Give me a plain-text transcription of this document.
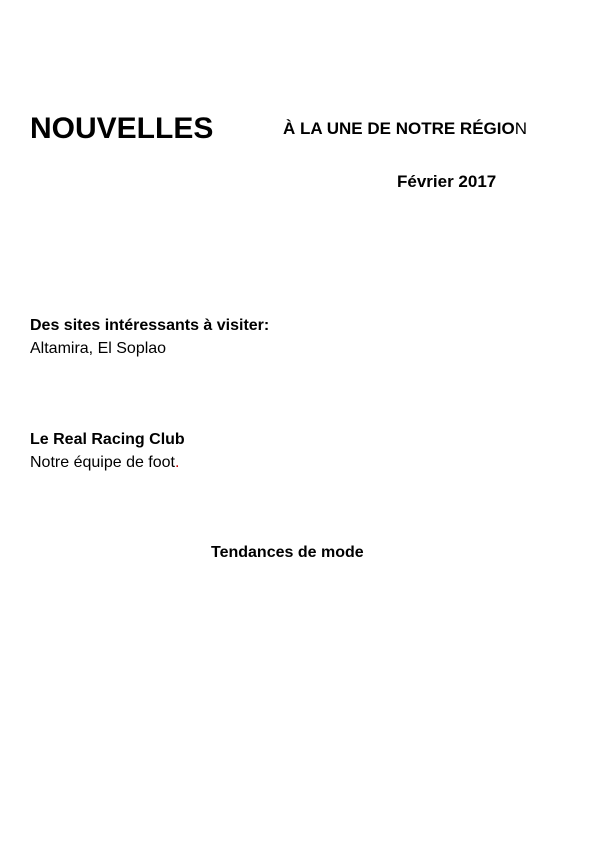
NOUVELLES	À LA UNE DE NOTRE RÉGION
Février 2017
Des sites intéressants à visiter:
Altamira, El Soplao
Le Real Racing Club
Notre équipe de foot.
Tendances de mode
